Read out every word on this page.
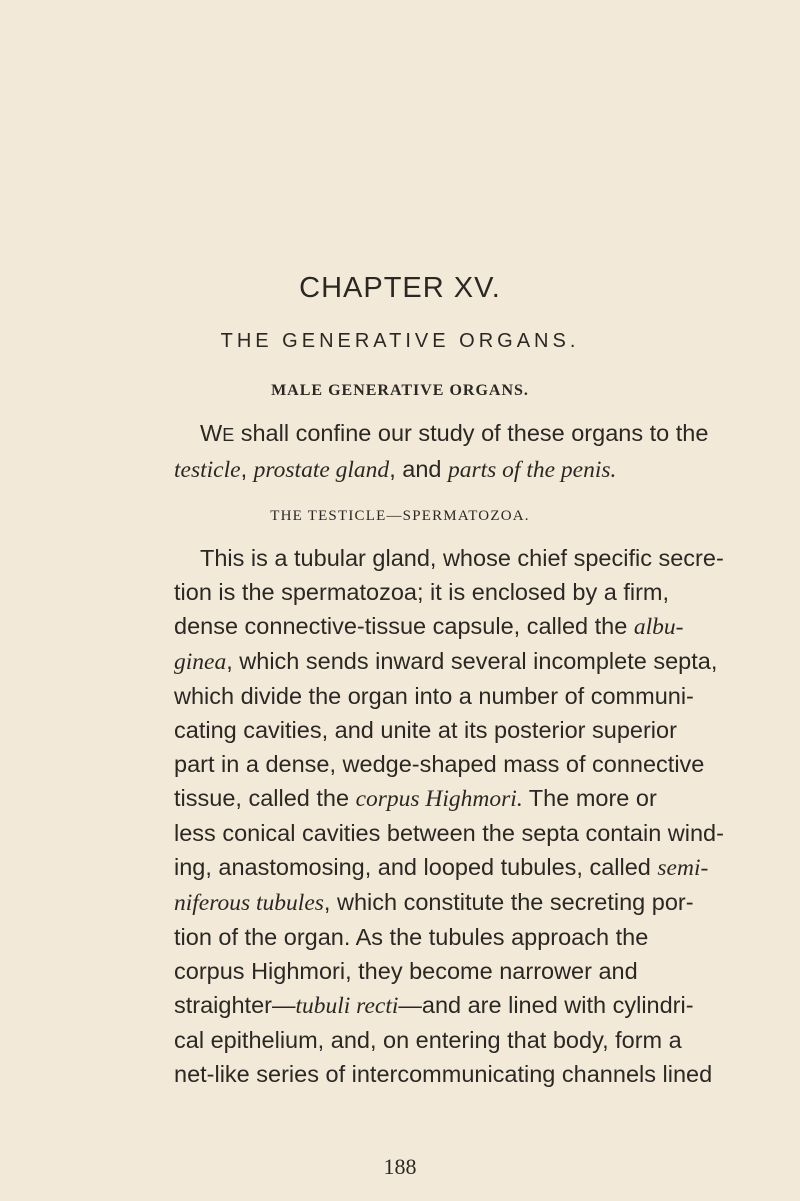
CHAPTER XV.
THE GENERATIVE ORGANS.
MALE GENERATIVE ORGANS.
WE shall confine our study of these organs to the
testicle, prostate gland, and parts of the penis.
THE TESTICLE—SPERMATOZOA.
This is a tubular gland, whose chief specific secre-
tion is the spermatozoa; it is enclosed by a firm,
dense connective-tissue capsule, called the albu-
ginea, which sends inward several incomplete septa,
which divide the organ into a number of communi-
cating cavities, and unite at its posterior superior
part in a dense, wedge-shaped mass of connective
tissue, called the corpus Highmori. The more or
less conical cavities between the septa contain wind-
ing, anastomosing, and looped tubules, called semi-
niferous tubules, which constitute the secreting por-
tion of the organ. As the tubules approach the
corpus Highmori, they become narrower and
straighter—tubuli recti—and are lined with cylindri-
cal epithelium, and, on entering that body, form a
net-like series of intercommunicating channels lined
188
